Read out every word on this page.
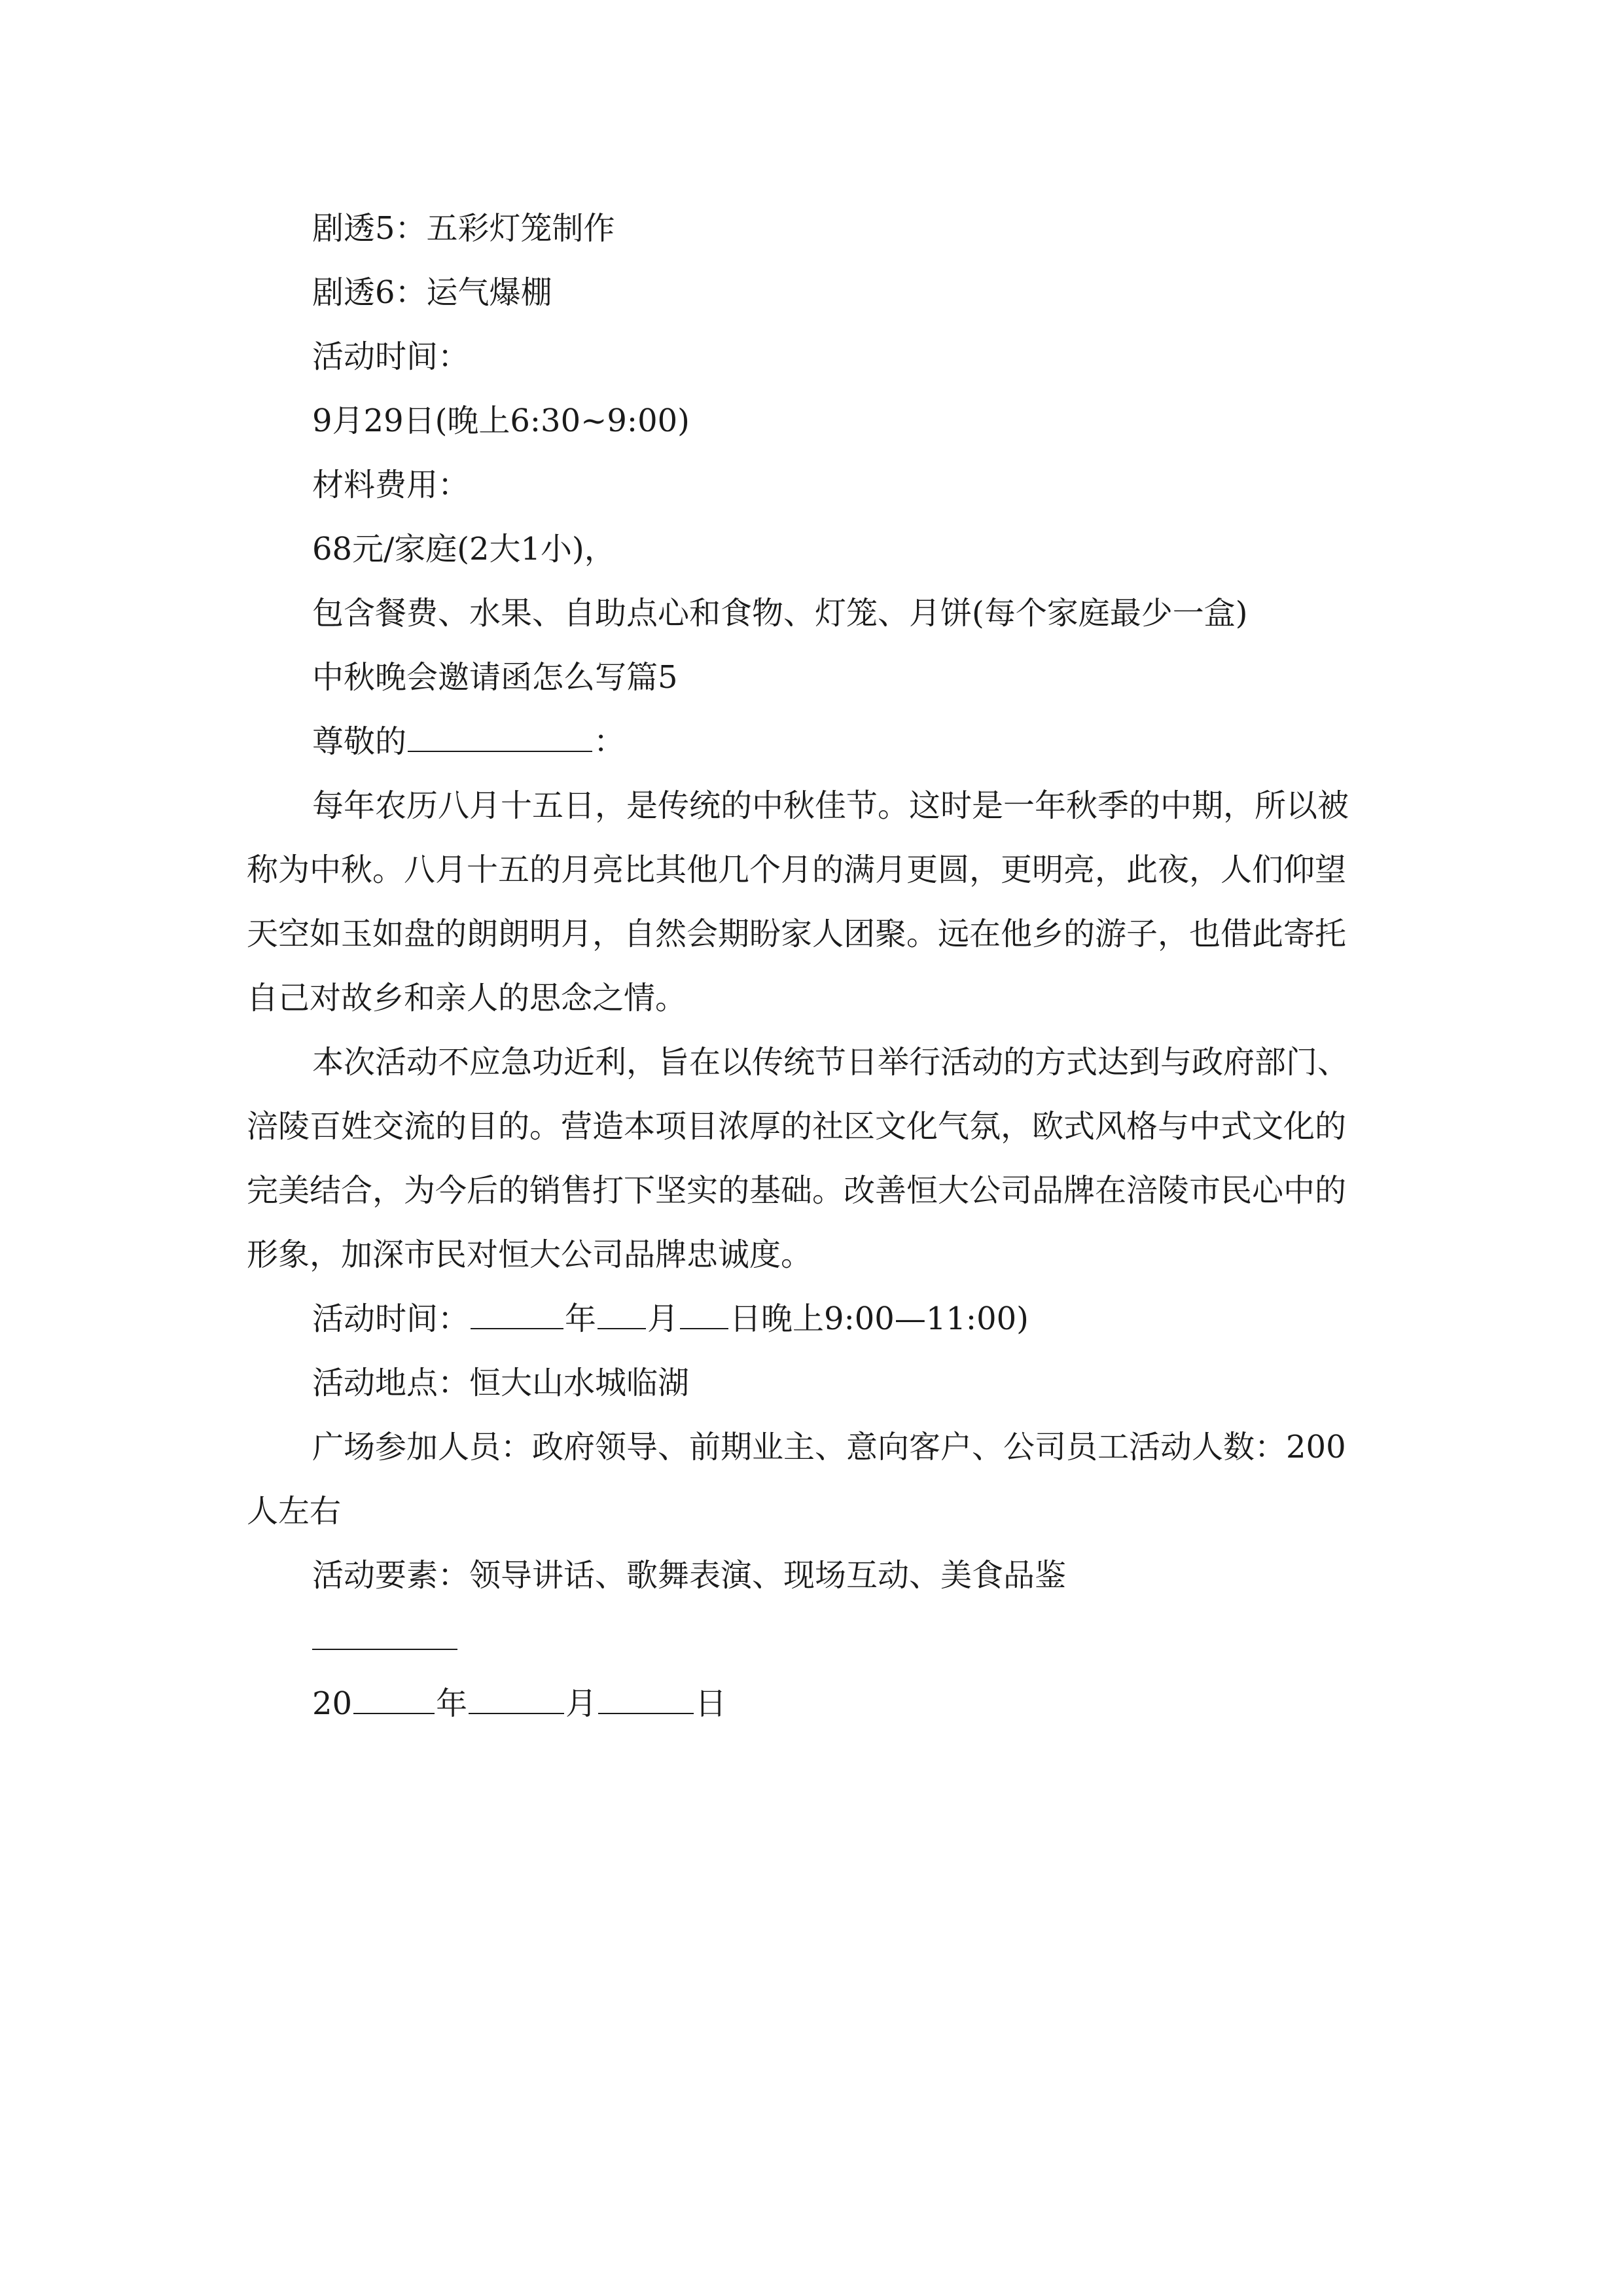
剧透5：五彩灯笼制作
剧透6：运气爆棚
活动时间：
9月29日(晚上6:30~9:00)
材料费用：
68元/家庭(2大1小)，
包含餐费、水果、自助点心和食物、灯笼、月饼(每个家庭最少一盒)
中秋晚会邀请函怎么写篇5
尊敬的	：
每年农历八月十五日，是传统的中秋佳节。这时是一年秋季的中期，所以被
称为中秋。八月十五的月亮比其他几个月的满月更圆，更明亮，此夜，人们仰望
天空如玉如盘的朗朗明月，自然会期盼家人团聚。远在他乡的游子，也借此寄托
自己对故乡和亲人的思念之情。
本次活动不应急功近利，旨在以传统节日举行活动的方式达到与政府部门、
涪陵百姓交流的目的。营造本项目浓厚的社区文化气氛，欧式风格与中式文化的
完美结合，为今后的销售打下坚实的基础。改善恒大公司品牌在涪陵市民心中的
形象，加深市民对恒大公司品牌忠诚度。
活动时间：	年 月 日晚上9:00—11:00)
活动地点：恒大山水城临湖
广场参加人员：政府领导、前期业主、意向客户、公司员工活动人数：200
人左右
活动要素：领导讲话、歌舞表演、现场互动、美食品鉴
20	年	月	日
